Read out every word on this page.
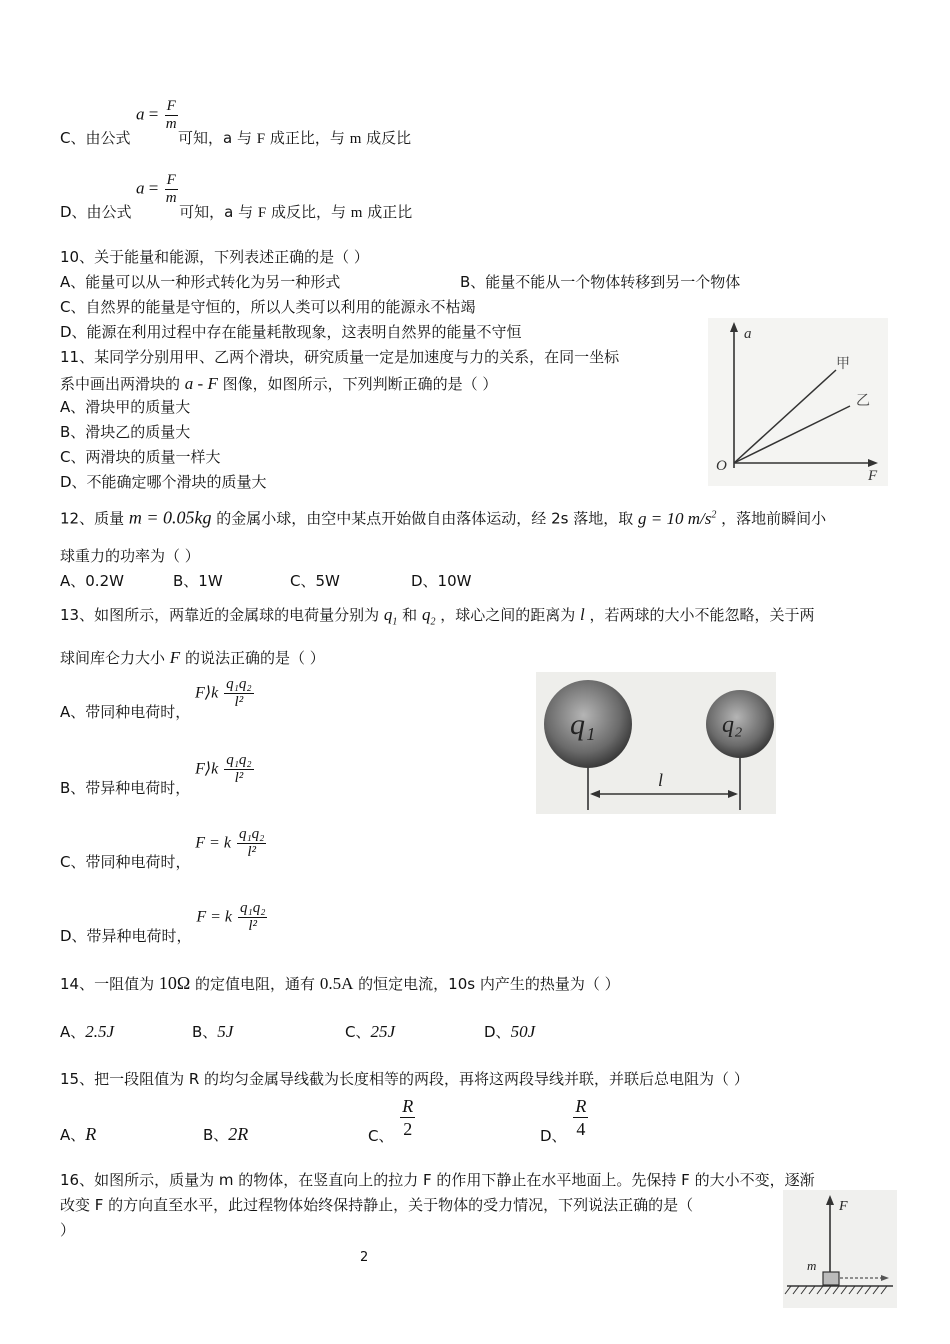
$a = \frac{F}{m}$
C、由公式	可知，a 与 F 成正比，与 m 成反比
$a = \frac{F}{m}$
D、由公式	可知，a 与 F 成反比，与 m 成正比
10、关于能量和能源，下列表述正确的是（ ）
A、能量可以从一种形式转化为另一种形式	B、能量不能从一个物体转移到另一个物体
C、自然界的能量是守恒的，所以人类可以利用的能源永不枯竭
D、能源在利用过程中存在能量耗散现象，这表明自然界的能量不守恒
11、某同学分别用甲、乙两个滑块，研究质量一定是加速度与力的关系，在同一坐标
系中画出两滑块的 a - F 图像，如图所示，下列判断正确的是（ ）
A、滑块甲的质量大
B、滑块乙的质量大
C、两滑块的质量一样大
D、不能确定哪个滑块的质量大
a
F
O
甲
乙
12、质量 m = 0.05kg 的金属小球，由空中某点开始做自由落体运动，经 2s 落地，取 g = 10 $m/s^2$ ，落地前瞬间小
球重力的功率为（ ）
A、0.2W	B、1W	C、5W	D、10W
13、如图所示，两靠近的金属球的电荷量分别为 $q_1$ 和 $q_2$ ，球心之间的距离为 l ，若两球的大小不能忽略，关于两
球间库仑力大小 F 的说法正确的是（ ）
A、带同种电荷时， F⟩k $\frac{\text{q₁q₂}}{\text{l²}}$
B、带异种电荷时， F⟩k $\frac{\text{q₁q₂}}{\text{l²}}$
C、带同种电荷时， F = k $\frac{\text{q₁q₂}}{\text{l²}}$
D、带异种电荷时， F = k $\frac{\text{q₁q₂}}{\text{l²}}$
q₁	q₂
l
14、一阻值为 10Ω 的定值电阻，通有 0.5A 的恒定电流，10s 内产生的热量为（ ）
A、2.5J	B、5J	C、25J	D、50J
15、把一段阻值为 R 的均匀金属导线截为长度相等的两段，再将这两段导线并联，并联后总电阻为（ ）
A、R	B、2R	C、 $\frac{R}{2}$	D、 $\frac{R}{4}$
16、如图所示，质量为 m 的物体，在竖直向上的拉力 F 的作用下静止在水平地面上。先保持 F 的大小不变，逐渐
改变 F 的方向直至水平，此过程物体始终保持静止，关于物体的受力情况，下列说法正确的是（
）
F
m
2
